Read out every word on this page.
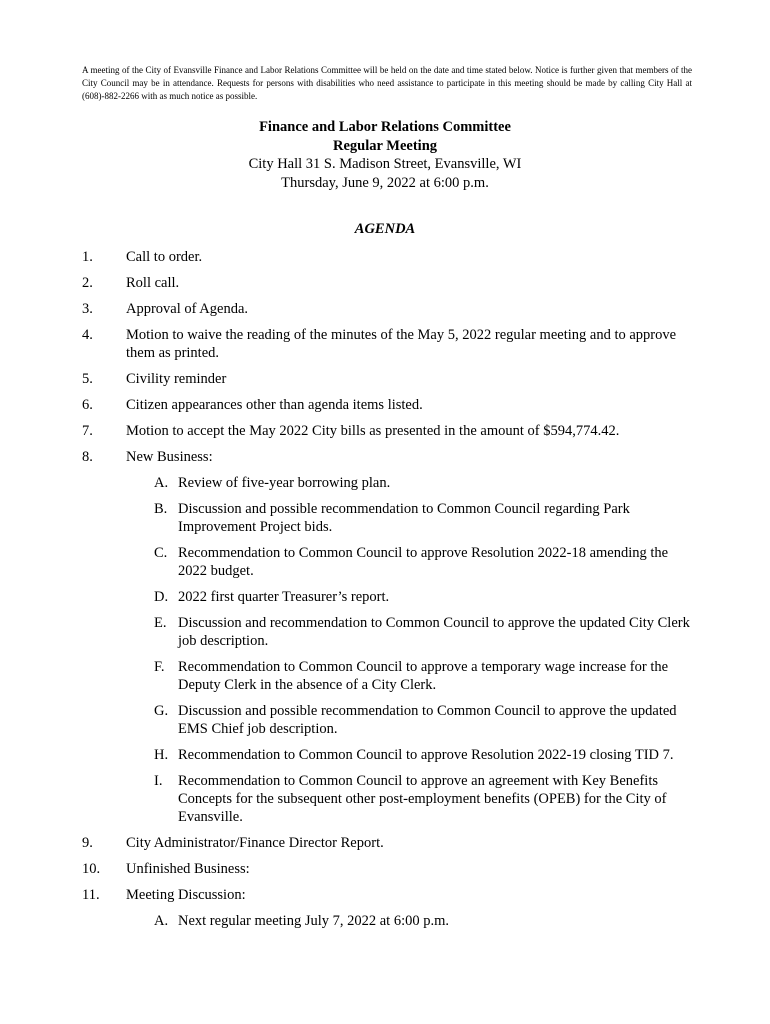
A meeting of the City of Evansville Finance and Labor Relations Committee will be held on the date and time stated below. Notice is further given that members of the City Council may be in attendance. Requests for persons with disabilities who need assistance to participate in this meeting should be made by calling City Hall at (608)-882-2266 with as much notice as possible.
Finance and Labor Relations Committee
Regular Meeting
City Hall 31 S. Madison Street, Evansville, WI
Thursday, June 9, 2022 at 6:00 p.m.
AGENDA
1.	Call to order.
2.	Roll call.
3.	Approval of Agenda.
4.	Motion to waive the reading of the minutes of the May 5, 2022 regular meeting and to approve them as printed.
5.	Civility reminder
6.	Citizen appearances other than agenda items listed.
7.	Motion to accept the May 2022 City bills as presented in the amount of $594,774.42.
8.	New Business:
A. Review of five-year borrowing plan.
B. Discussion and possible recommendation to Common Council regarding Park Improvement Project bids.
C. Recommendation to Common Council to approve Resolution 2022-18 amending the 2022 budget.
D. 2022 first quarter Treasurer’s report.
E. Discussion and recommendation to Common Council to approve the updated City Clerk job description.
F. Recommendation to Common Council to approve a temporary wage increase for the Deputy Clerk in the absence of a City Clerk.
G. Discussion and possible recommendation to Common Council to approve the updated EMS Chief job description.
H. Recommendation to Common Council to approve Resolution 2022-19 closing TID 7.
I.	Recommendation to Common Council to approve an agreement with Key Benefits Concepts for the subsequent other post-employment benefits (OPEB) for the City of Evansville.
9.	City Administrator/Finance Director Report.
10.	Unfinished Business:
11.	Meeting Discussion:
A. Next regular meeting July 7, 2022 at 6:00 p.m.
